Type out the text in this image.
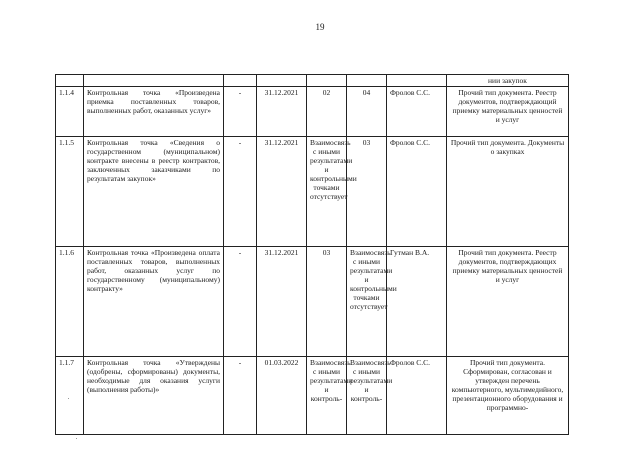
19
							нии закупок
1.1.4	Контрольная точка «Произведена приемка поставленных товаров, выполненных работ, оказанных услуг»	-	31.12.2021	02	04	Фролов С.С.	Прочий тип документа. Реестр документов, подтверждающий приемку материальных ценностей и услуг
1.1.5	Контрольная точка «Сведения о государственном (муниципальном) контракте внесены в реестр контрактов, заключенных заказчиками по результатам закупок»	-	31.12.2021	Взаимосвязь с иными результатами и контрольными точками отсутствует	03	Фролов С.С.	Прочий тип документа. Документы о закупках
1.1.6	Контрольная точка «Произведена оплата поставленных товаров, выполненных работ, оказанных услуг по государственному (муниципальному) контракту»	-	31.12.2021	03	Взаимосвязь с иными результатами и контрольными точками отсутствует	Гутман В.А.	Прочий тип документа. Реестр документов, подтверждающих приемку материальных ценностей и услуг
1.1.7	Контрольная точка «Утверждены (одобрены, сформированы) документы, необходимые для оказания услуги (выполнения работы)»	-	01.03.2022	Взаимосвязь с иными результатами и контроль-	Взаимосвязь с иными результатами и контроль-	Фролов С.С.	Прочий тип документа. Сформирован, согласован и утвержден перечень компьютерного, мультимедийного, презентационного оборудования и программно-
